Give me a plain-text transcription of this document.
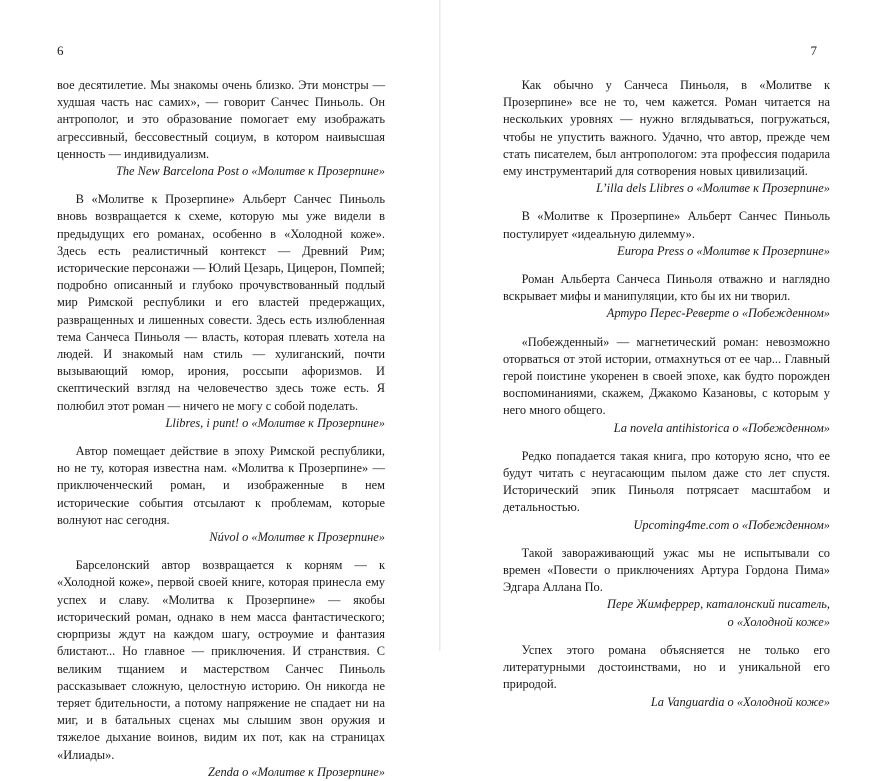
6

вое десятилетие. Мы знакомы очень близко. Эти монстры — худшая часть нас самих», — говорит Санчес Пиньоль. Он антрополог, и это образование помогает ему изображать агрессивный, бессовестный социум, в котором наивысшая ценность — индивидуализм.

The New Barcelona Post о «Молитве к Прозерпине»

В «Молитве к Прозерпине» Альберт Санчес Пиньоль вновь возвращается к схеме, которую мы уже видели в предыдущих его романах, особенно в «Холодной коже». Здесь есть реалистичный контекст — Древний Рим; исторические персонажи — Юлий Цезарь, Цицерон, Помпей; подробно описанный и глубоко прочувствованный подлый мир Римской республики и его властей предержащих, развращенных и лишенных совести. Здесь есть излюбленная тема Санчеса Пиньоля — власть, которая плевать хотела на людей. И знакомый нам стиль — хулиганский, почти вызывающий юмор, ирония, россыпи афоризмов. И скептический взгляд на человечество здесь тоже есть. Я полюбил этот роман — ничего не могу с собой поделать.

Llibres, i punt! о «Молитве к Прозерпине»

Автор помещает действие в эпоху Римской республики, но не ту, которая известна нам. «Молитва к Прозерпине» — приключенческий роман, и изображенные в нем исторические события отсылают к проблемам, которые волнуют нас сегодня.

Núvol о «Молитве к Прозерпине»

Барселонский автор возвращается к корням — к «Холодной коже», первой своей книге, которая принесла ему успех и славу. «Молитва к Прозерпине» — якобы исторический роман, однако в нем масса фантастического; сюрпризы ждут на каждом шагу, остроумие и фантазия блистают... Но главное — приключения. И странствия. С великим тщанием и мастерством Санчес Пиньоль рассказывает сложную, целостную историю. Он никогда не теряет бдительности, а потому напряжение не спадает ни на миг, и в батальных сценах мы слышим звон оружия и тяжелое дыхание воинов, видим их пот, как на страницах «Илиады».

Zenda о «Молитве к Прозерпине»

7

Как обычно у Санчеса Пиньоля, в «Молитве к Прозерпине» все не то, чем кажется. Роман читается на нескольких уровнях — нужно вглядываться, погружаться, чтобы не упустить важного. Удачно, что автор, прежде чем стать писателем, был антропологом: эта профессия подарила ему инструментарий для сотворения новых цивилизаций.

L’illa dels Llibres о «Молитве к Прозерпине»

В «Молитве к Прозерпине» Альберт Санчес Пиньоль постулирует «идеальную дилемму».

Europa Press о «Молитве к Прозерпине»

Роман Альберта Санчеса Пиньоля отважно и наглядно вскрывает мифы и манипуляции, кто бы их ни творил.

Артуро Перес-Реверте о «Побежденном»

«Побежденный» — магнетический роман: невозможно оторваться от этой истории, отмахнуться от ее чар... Главный герой поистине укоренен в своей эпохе, как будто порожден воспоминаниями, скажем, Джакомо Казановы, с которым у него много общего.

La novela antihistorica о «Побежденном»

Редко попадается такая книга, про которую ясно, что ее будут читать с неугасающим пылом даже сто лет спустя. Исторический эпик Пиньоля потрясает масштабом и детальностью.

Upcoming4me.com о «Побежденном»

Такой завораживающий ужас мы не испытывали со времен «Повести о приключениях Артура Гордона Пима» Эдгара Аллана По.

Пере Жимферрер, каталонский писатель,

о «Холодной коже»

Успех этого романа объясняется не только его литературными достоинствами, но и уникальной его природой.

La Vanguardia о «Холодной коже»
